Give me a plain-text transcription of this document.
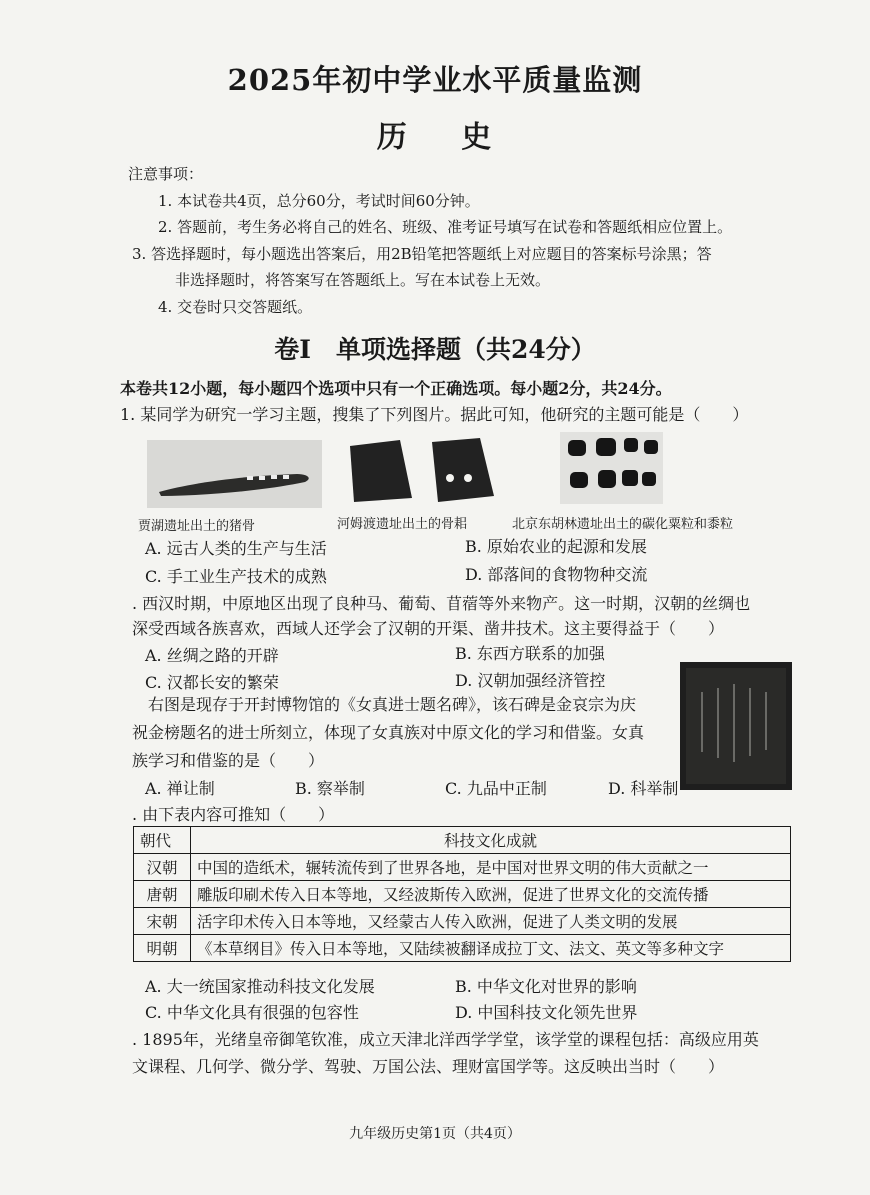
2025年初中学业水平质量监测
历 史
注意事项：
1. 本试卷共4页，总分60分，考试时间60分钟。
2. 答题前，考生务必将自己的姓名、班级、准考证号填写在试卷和答题纸相应位置上。
3. 答选择题时，每小题选出答案后，用2B铅笔把答题纸上对应题目的答案标号涂黑；答
非选择题时，将答案写在答题纸上。写在本试卷上无效。
4. 交卷时只交答题纸。
卷Ⅰ　单项选择题（共24分）
本卷共12小题，每小题四个选项中只有一个正确选项。每小题2分，共24分。
1. 某同学为研究一学习主题，搜集了下列图片。据此可知，他研究的主题可能是（　　）
贾湖遗址出土的猪骨	河姆渡遗址出土的骨耜	北京东胡林遗址出土的碳化粟粒和黍粒
A. 远古人类的生产与生活	B. 原始农业的起源和发展
C. 手工业生产技术的成熟	D. 部落间的食物物种交流
. 西汉时期，中原地区出现了良种马、葡萄、苜蓿等外来物产。这一时期，汉朝的丝绸也
深受西域各族喜欢，西域人还学会了汉朝的开渠、凿井技术。这主要得益于（　　）
A. 丝绸之路的开辟	B. 东西方联系的加强
C. 汉都长安的繁荣	D. 汉朝加强经济管控
右图是现存于开封博物馆的《女真进士题名碑》，该石碑是金哀宗为庆
祝金榜题名的进士所刻立，体现了女真族对中原文化的学习和借鉴。女真
族学习和借鉴的是（　　）
A. 禅让制	B. 察举制	C. 九品中正制	D. 科举制
. 由下表内容可推知（　　）
朝代	科技文化成就
汉朝	中国的造纸术，辗转流传到了世界各地，是中国对世界文明的伟大贡献之一
唐朝	雕版印刷术传入日本等地，又经波斯传入欧洲，促进了世界文化的交流传播
宋朝	活字印术传入日本等地，又经蒙古人传入欧洲，促进了人类文明的发展
明朝	《本草纲目》传入日本等地，又陆续被翻译成拉丁文、法文、英文等多种文字
A. 大一统国家推动科技文化发展	B. 中华文化对世界的影响
C. 中华文化具有很强的包容性	D. 中国科技文化领先世界
. 1895年，光绪皇帝御笔钦准，成立天津北洋西学学堂，该学堂的课程包括：高级应用英
文课程、几何学、微分学、驾驶、万国公法、理财富国学等。这反映出当时（　　）
九年级历史第1页（共4页）
